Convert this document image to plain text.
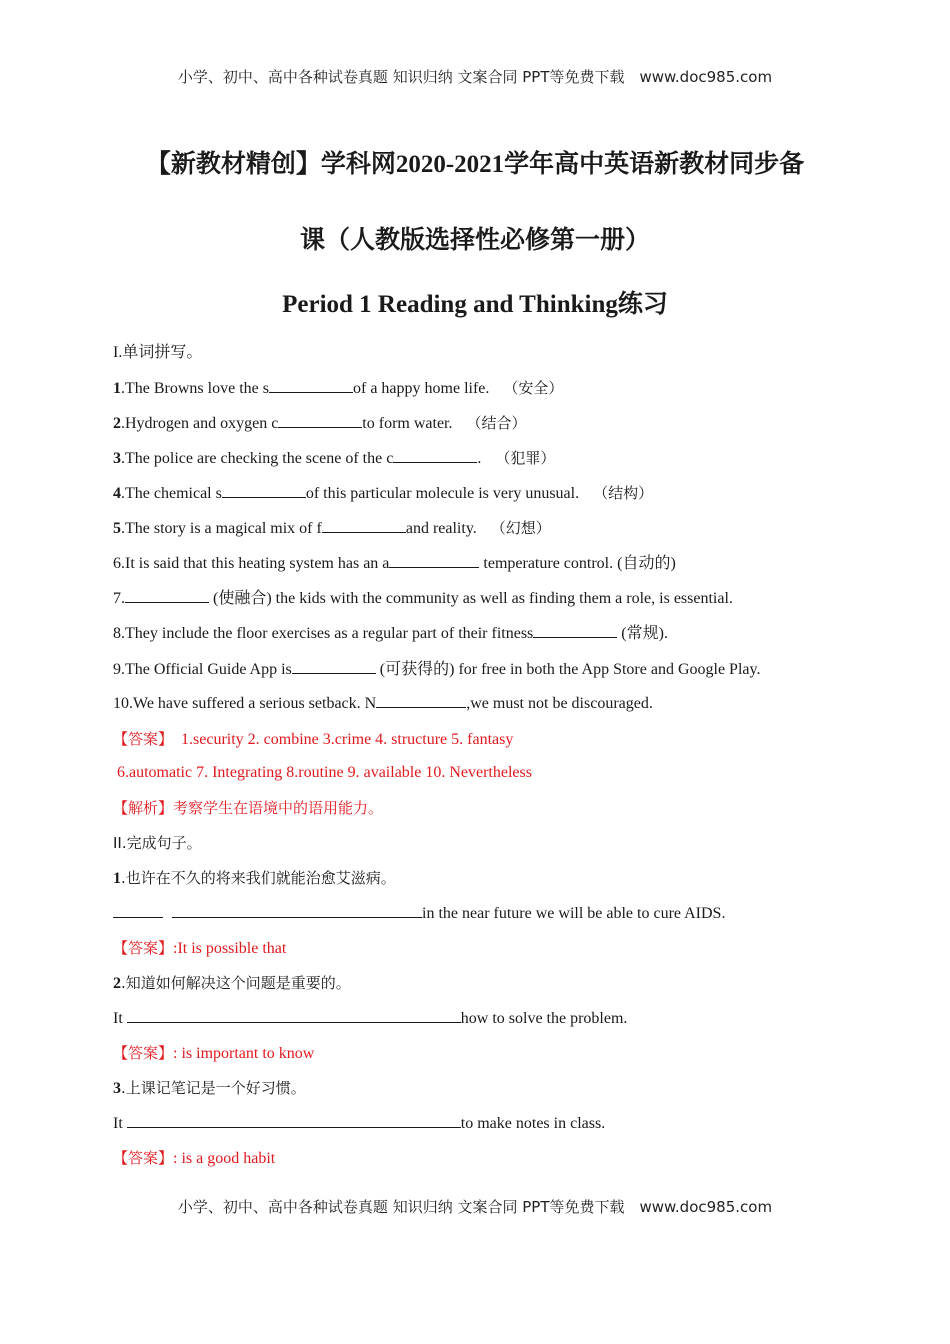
小学、初中、高中各种试卷真题 知识归纳 文案合同 PPT等免费下载　www.doc985.com
【新教材精创】学科网2020-2021学年高中英语新教材同步备
课（人教版选择性必修第一册）
Period 1 Reading and Thinking练习
I.单词拼写。
1.The Browns love the s	of a happy home life. （安全）
2.Hydrogen and oxygen c	to form water. （结合）
3.The police are checking the scene of the c	. （犯罪）
4.The chemical s	of this particular molecule is very unusual. （结构）
5.The story is a magical mix of f	and reality. （幻想）
6.It is said that this heating system has an a	temperature control. (自动的)
7.	(使融合) the kids with the community as well as finding them a role, is essential.
8.They include the floor exercises as a regular part of their fitness	(常规).
9.The Official Guide App is	(可获得的) for free in both the App Store and Google Play.
10.We have suffered a serious setback. N	,we must not be discouraged.
【答案】 1.security 2. combine 3.crime 4. structure 5. fantasy
6.automatic 7. Integrating 8.routine 9. available 10. Nevertheless
【解析】考察学生在语境中的语用能力。
II.完成句子。
1.也许在不久的将来我们就能治愈艾滋病。
in the near future we will be able to cure AIDS.
【答案】:It is possible that
2.知道如何解决这个问题是重要的。
It	how to solve the problem.
【答案】: is important to know
3.上课记笔记是一个好习惯。
It	to make notes in class.
【答案】: is a good habit
小学、初中、高中各种试卷真题 知识归纳 文案合同 PPT等免费下载　www.doc985.com
